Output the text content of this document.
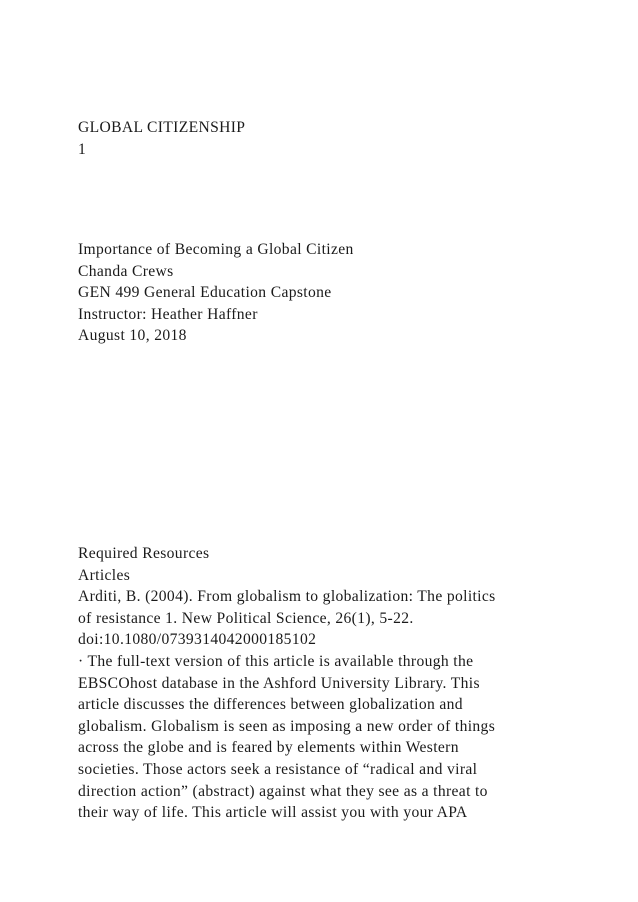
GLOBAL CITIZENSHIP
1
Importance of Becoming a Global Citizen
Chanda Crews
GEN 499 General Education Capstone
Instructor: Heather Haffner
August 10, 2018
Required Resources
Articles
Arditi, B. (2004). From globalism to globalization: The politics
of resistance 1. New Political Science, 26(1), 5-22.
doi:10.1080/0739314042000185102
· The full-text version of this article is available through the
EBSCOhost database in the Ashford University Library. This
article discusses the differences between globalization and
globalism. Globalism is seen as imposing a new order of things
across the globe and is feared by elements within Western
societies. Those actors seek a resistance of “radical and viral
direction action” (abstract) against what they see as a threat to
their way of life. This article will assist you with your APA
